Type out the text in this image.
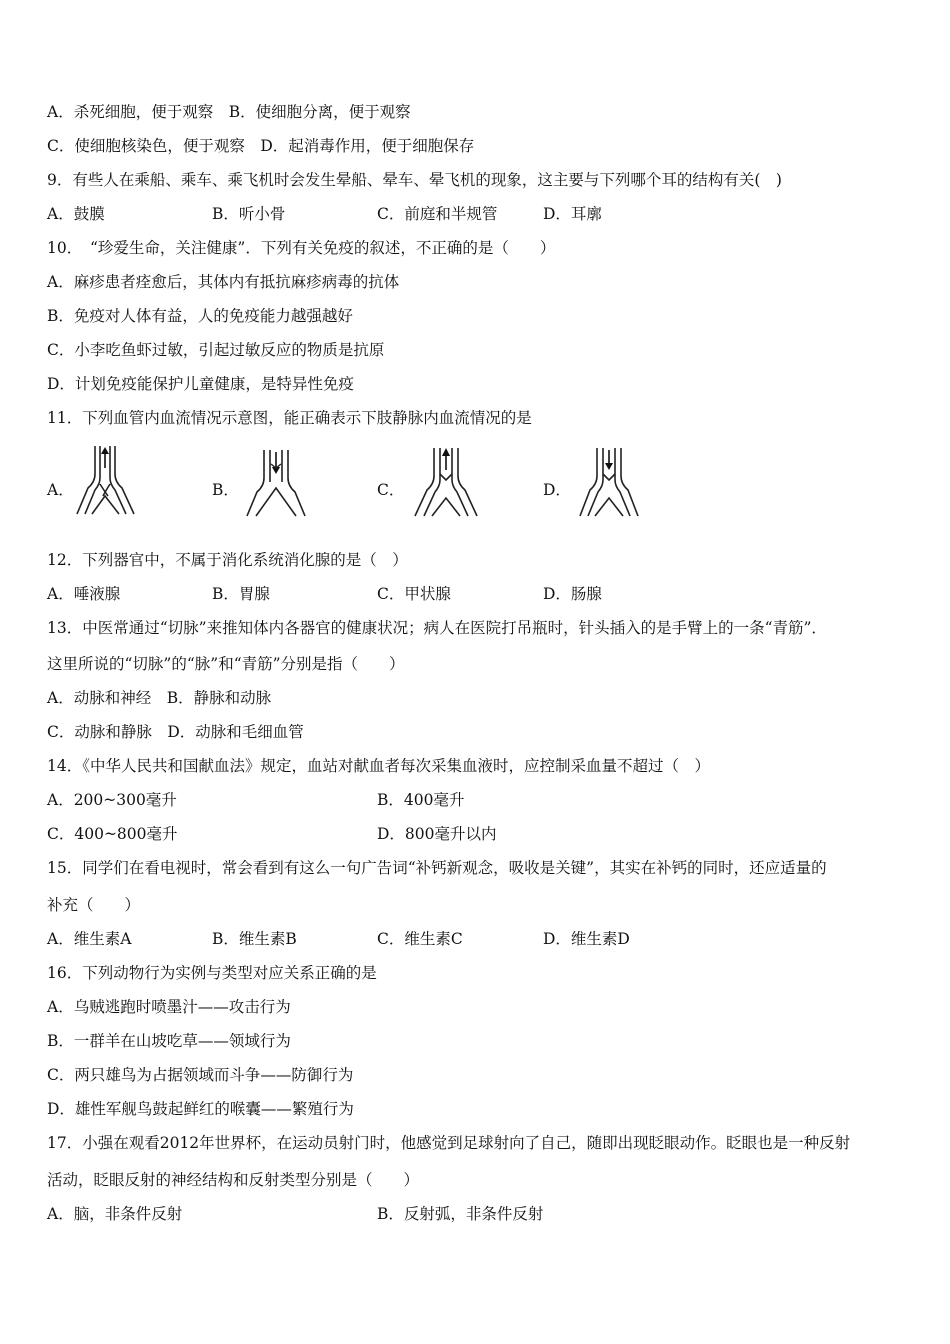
A．杀死细胞，便于观察　B．使细胞分离，便于观察
C．使细胞核染色，便于观察　D．起消毒作用，便于细胞保存
9．有些人在乘船、乘车、乘飞机时会发生晕船、晕车、晕飞机的现象，这主要与下列哪个耳的结构有关(　)
A．鼓膜	B．听小骨	C．前庭和半规管	D．耳廓
10．　“珍爱生命，关注健康”．下列有关免疫的叙述，不正确的是（　　）
A．麻疹患者痊愈后，其体内有抵抗麻疹病毒的抗体
B．免疫对人体有益，人的免疫能力越强越好
C．小李吃鱼虾过敏，引起过敏反应的物质是抗原
D．计划免疫能保护儿童健康，是特异性免疫
11．下列血管内血流情况示意图，能正确表示下肢静脉内血流情况的是
A．	B．	C．	D．
12．下列器官中，不属于消化系统消化腺的是（　）
A．唾液腺	B．胃腺	C．甲状腺	D．肠腺
13．中医常通过“切脉”来推知体内各器官的健康状况；病人在医院打吊瓶时，针头插入的是手臂上的一条“青筋”．
这里所说的“切脉”的“脉”和“青筋”分别是指（　　）
A．动脉和神经　B．静脉和动脉
C．动脉和静脉　D．动脉和毛细血管
14．《中华人民共和国献血法》规定，血站对献血者每次采集血液时，应控制采血量不超过（　）
A．200~300毫升	B．400毫升
C．400~800毫升	D．800毫升以内
15．同学们在看电视时，常会看到有这么一句广告词“补钙新观念，吸收是关键”，其实在补钙的同时，还应适量的
补充（　　）
A．维生素A	B．维生素B	C．维生素C	D．维生素D
16．下列动物行为实例与类型对应关系正确的是
A．乌贼逃跑时喷墨汁——攻击行为
B．一群羊在山坡吃草——领域行为
C．两只雄鸟为占据领域而斗争——防御行为
D．雄性军舰鸟鼓起鲜红的喉囊——繁殖行为
17．小强在观看2012年世界杯，在运动员射门时，他感觉到足球射向了自己，随即出现眨眼动作。眨眼也是一种反射
活动，眨眼反射的神经结构和反射类型分别是（　　）
A．脑，非条件反射	B．反射弧，非条件反射
